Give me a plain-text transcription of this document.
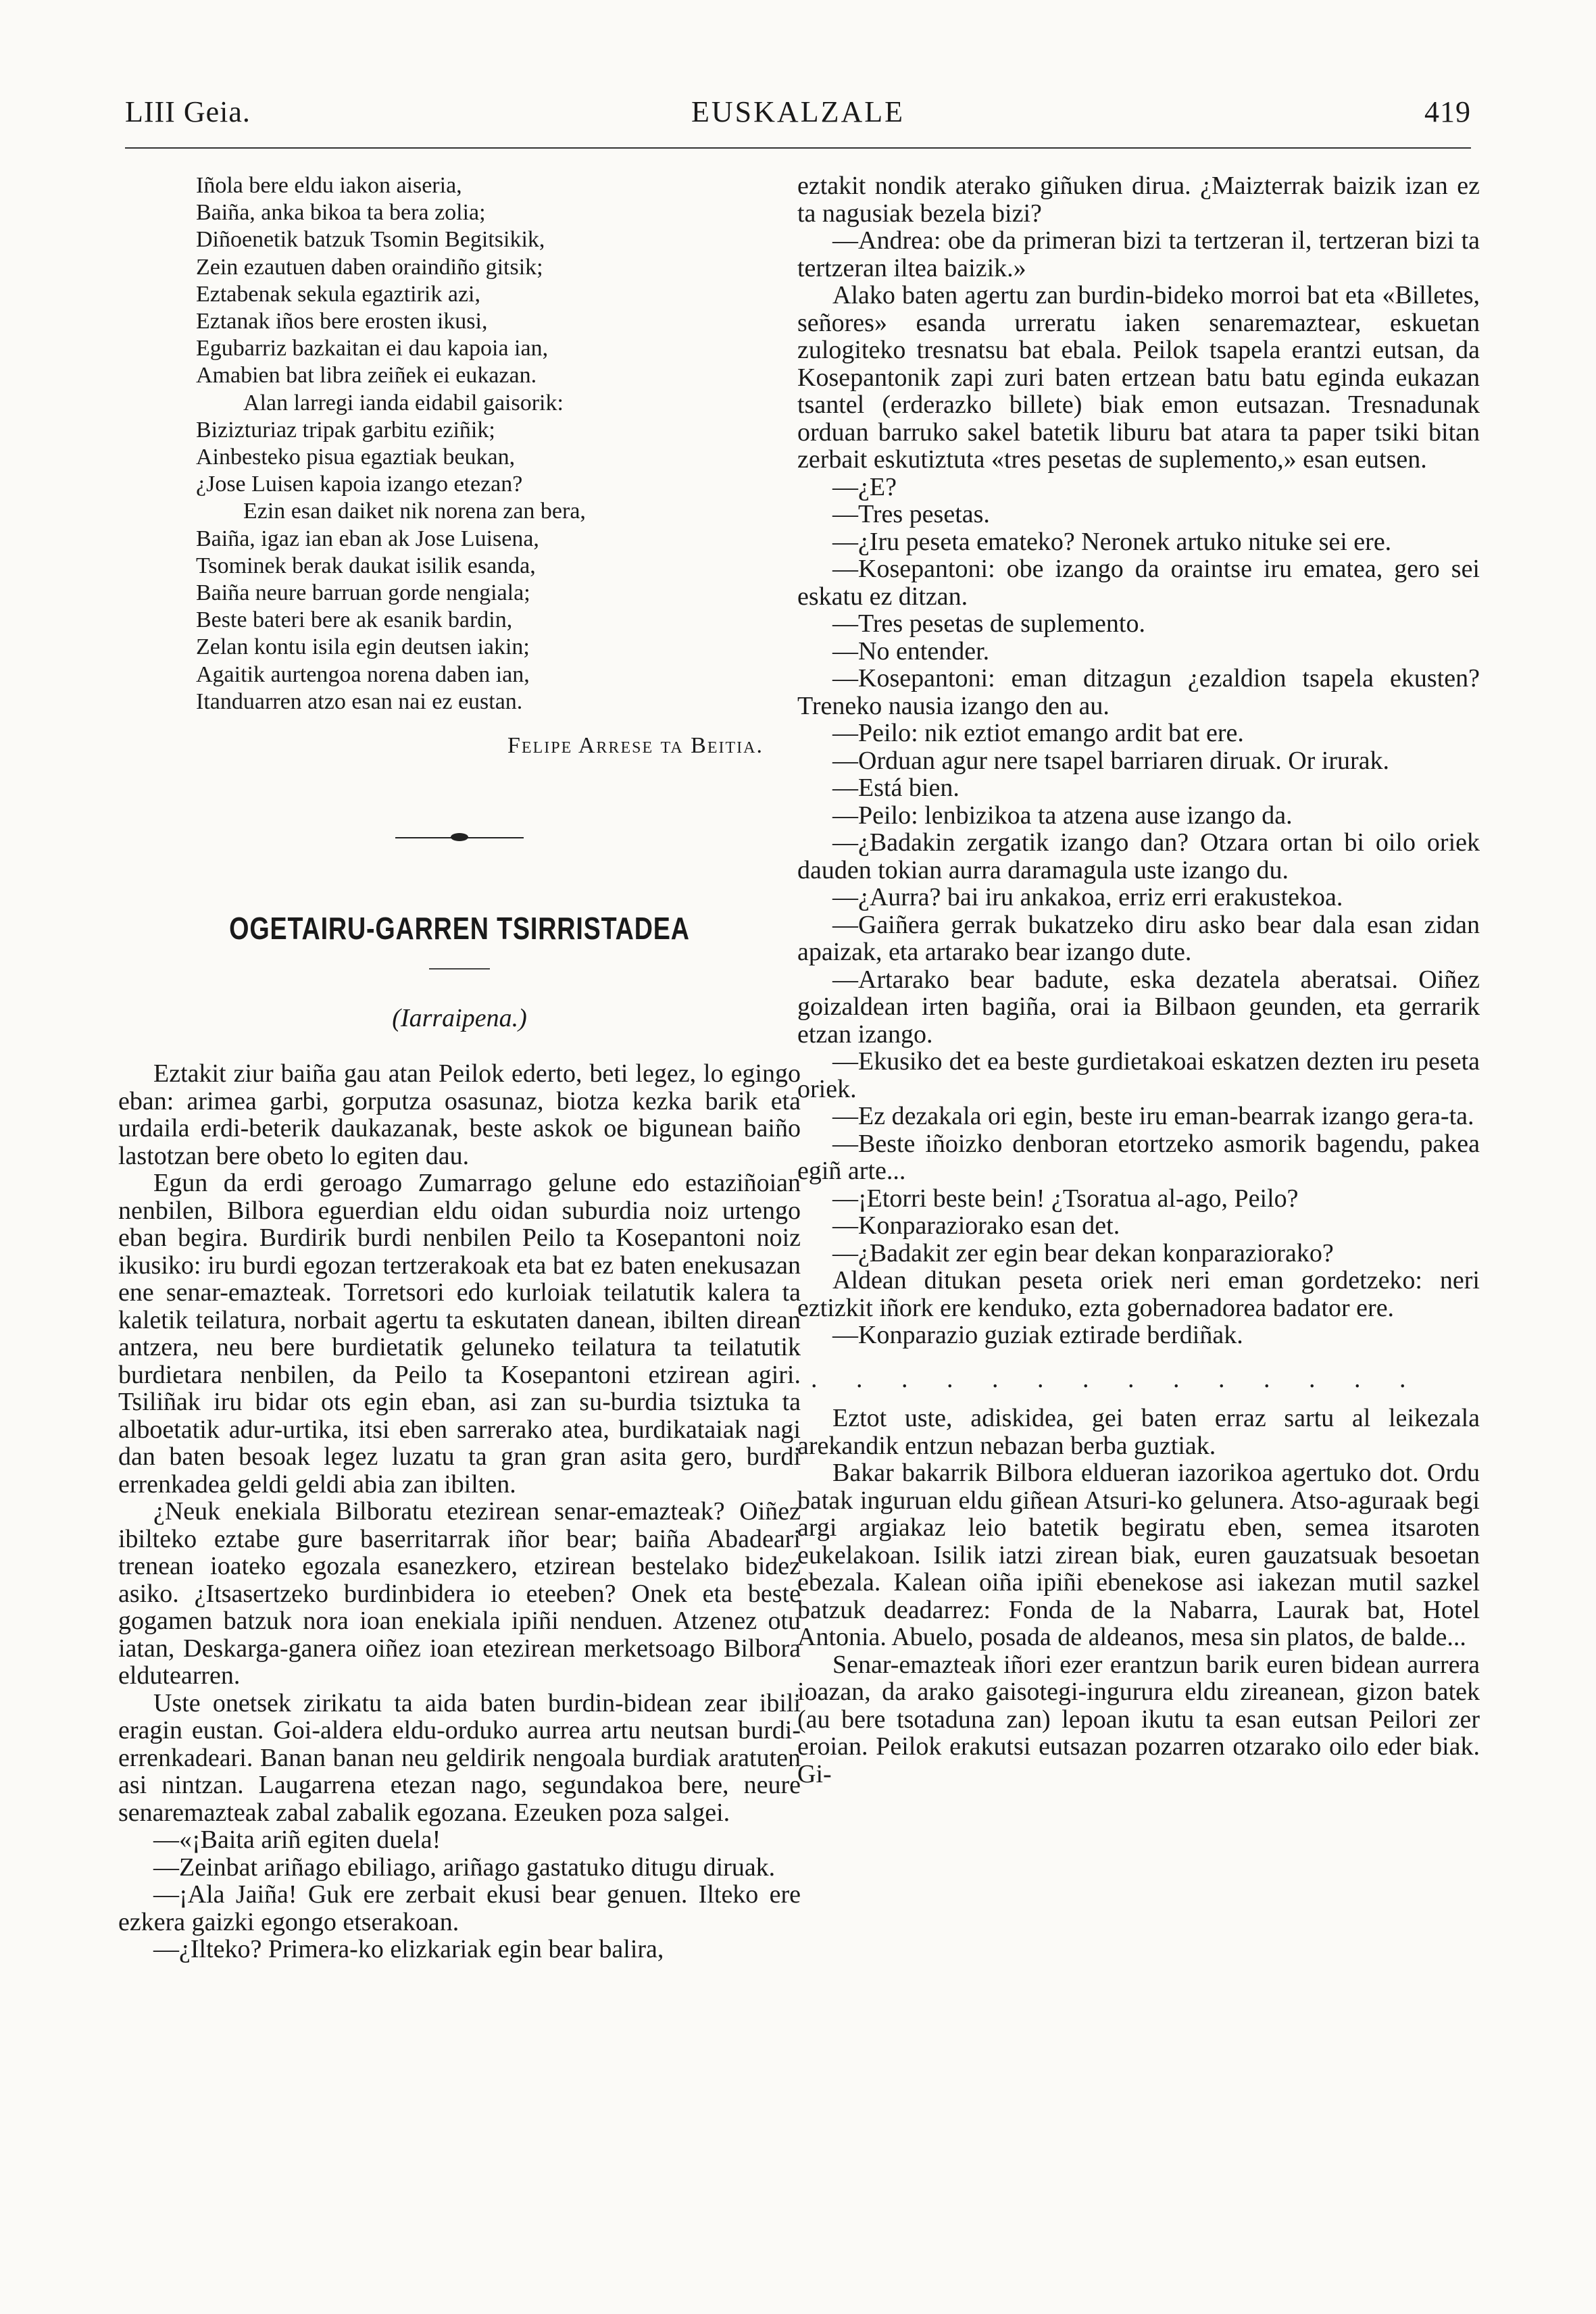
LIII Geia.	EUSKALZALE	419
Iñola bere eldu iakon aiseria,
Baiña, anka bikoa ta bera zolia;
Diñoenetik batzuk Tsomin Begitsikik,
Zein ezautuen daben oraindiño gitsik;
Eztabenak sekula egaztirik azi,
Eztanak iños bere erosten ikusi,
Egubarriz bazkaitan ei dau kapoia ian,
Amabien bat libra zeiñek ei eukazan.
Alan larregi ianda eidabil gaisorik:
Bizizturiaz tripak garbitu eziñik;
Ainbesteko pisua egaztiak beukan,
¿Jose Luisen kapoia izango etezan?
Ezin esan daiket nik norena zan bera,
Baiña, igaz ian eban ak Jose Luisena,
Tsominek berak daukat isilik esanda,
Baiña neure barruan gorde nengiala;
Beste bateri bere ak esanik bardin,
Zelan kontu isila egin deutsen iakin;
Agaitik aurtengoa norena daben ian,
Itanduarren atzo esan nai ez eustan.
Felipe Arrese ta Beitia.
OGETAIRU-GARREN TSIRRISTADEA
(Iarraipena.)

Eztakit ziur baiña gau atan Peilok ederto, beti legez, lo egingo eban: arimea garbi, gorputza osasunaz, biotza kezka barik eta urdaila erdi-beterik daukazanak, beste askok oe bigunean baiño lastotzan bere obeto lo egiten dau.

Egun da erdi geroago Zumarrago gelune edo estaziñoian nenbilen, Bilbora eguerdian eldu oidan suburdia noiz urtengo eban begira. Burdirik burdi nenbilen Peilo ta Kosepantoni noiz ikusiko: iru burdi egozan tertzerakoak eta bat ez baten enekusazan ene senar-emazteak. Torretsori edo kurloiak teilatutik kalera ta kaletik teilatura, norbait agertu ta eskutaten danean, ibilten direan antzera, neu bere burdietatik geluneko teilatura ta teilatutik burdietara nenbilen, da Peilo ta Kosepantoni etzirean agiri. Tsiliñak iru bidar ots egin eban, asi zan su-burdia tsiztuka ta alboetatik adur-urtika, itsi eben sarrerako atea, burdikataiak nagi dan baten besoak legez luzatu ta gran gran asita gero, burdi errenkadea geldi geldi abia zan ibilten.

¿Neuk enekiala Bilboratu etezirean senar-emazteak? Oiñez ibilteko eztabe gure baserritarrak iñor bear; baiña Abadeari trenean ioateko egozala esanezkero, etzirean bestelako bidez asiko. ¿Itsasertzeko burdinbidera io eteeben? Onek eta beste gogamen batzuk nora ioan enekiala ipiñi nenduen. Atzenez otu iatan, Deskarga-ganera oiñez ioan etezirean merketsoago Bilbora eldutearren.

Uste onetsek zirikatu ta aida baten burdin-bidean zear ibili eragin eustan. Goi-aldera eldu-orduko aurrea artu neutsan burdi-errenkadeari. Banan banan neu geldirik nengoala burdiak aratuten asi nintzan. Laugarrena etezan nago, segundakoa bere, neure senaremazteak zabal zabalik egozana. Ezeuken poza salgei.

—«¡Baita ariñ egiten duela!

—Zeinbat ariñago ebiliago, ariñago gastatuko ditugu diruak.

—¡Ala Jaiña! Guk ere zerbait ekusi bear genuen. Ilteko ere ezkera gaizki egongo etserakoan.

—¿Ilteko? Primera-ko elizkariak egin bear balira,

eztakit nondik aterako giñuken dirua. ¿Maizterrak baizik izan ez ta nagusiak bezela bizi?

—Andrea: obe da primeran bizi ta tertzeran il, tertzeran bizi ta tertzeran iltea baizik.»

Alako baten agertu zan burdin-bideko morroi bat eta «Billetes, señores» esanda urreratu iaken senaremaztear, eskuetan zulogiteko tresnatsu bat ebala. Peilok tsapela erantzi eutsan, da Kosepantonik zapi zuri baten ertzean batu batu eginda eukazan tsantel (erderazko billete) biak emon eutsazan. Tresnadunak orduan barruko sakel batetik liburu bat atara ta paper tsiki bitan zerbait eskutiztuta «tres pesetas de suplemento,» esan eutsen.

—¿E?

—Tres pesetas.

—¿Iru peseta emateko? Neronek artuko nituke sei ere.

—Kosepantoni: obe izango da oraintse iru ematea, gero sei eskatu ez ditzan.

—Tres pesetas de suplemento.

—No entender.

—Kosepantoni: eman ditzagun ¿ezaldion tsapela ekusten? Treneko nausia izango den au.

—Peilo: nik eztiot emango ardit bat ere.

—Orduan agur nere tsapel barriaren diruak. Or irurak.

—Está bien.

—Peilo: lenbizikoa ta atzena ause izango da.

—¿Badakin zergatik izango dan? Otzara ortan bi oilo oriek dauden tokian aurra daramagula uste izango du.

—¿Aurra? bai iru ankakoa, erriz erri erakustekoa.

—Gaiñera gerrak bukatzeko diru asko bear dala esan zidan apaizak, eta artarako bear izango dute.

—Artarako bear badute, eska dezatela aberatsai. Oiñez goizaldean irten bagiña, orai ia Bilbaon geunden, eta gerrarik etzan izango.

—Ekusiko det ea beste gurdietakoai eskatzen dezten iru peseta oriek.

—Ez dezakala ori egin, beste iru eman-bearrak izango gera-ta.

—Beste iñoizko denboran etortzeko asmorik bagendu, pakea egiñ arte...

—¡Etorri beste bein! ¿Tsoratua al-ago, Peilo?

—Konparaziorako esan det.

—¿Badakit zer egin bear dekan konparaziorako?

Aldean ditukan peseta oriek neri eman gordetzeko: neri eztizkit iñork ere kenduko, ezta gobernadorea badator ere.

—Konparazio guziak eztirade berdiñak.

. . . . . . . . . . . . . .

Eztot uste, adiskidea, gei baten erraz sartu al leikezala arekandik entzun nebazan berba guztiak.

Bakar bakarrik Bilbora eldueran iazorikoa agertuko dot. Ordu batak inguruan eldu giñean Atsuri-ko gelunera. Atso-aguraak begi argi argiakaz leio batetik begiratu eben, semea itsaroten eukelakoan. Isilik iatzi zirean biak, euren gauzatsuak besoetan ebezala. Kalean oiña ipiñi ebenekose asi iakezan mutil sazkel batzuk deadarrez: Fonda de la Nabarra, Laurak bat, Hotel Antonia. Abuelo, posada de aldeanos, mesa sin platos, de balde...

Senar-emazteak iñori ezer erantzun barik euren bidean aurrera ioazan, da arako gaisotegi-ingurura eldu zireanean, gizon batek (au bere tsotaduna zan) lepoan ikutu ta esan eutsan Peilori zer eroian. Peilok erakutsi eutsazan pozarren otzarako oilo eder biak. Gi-
